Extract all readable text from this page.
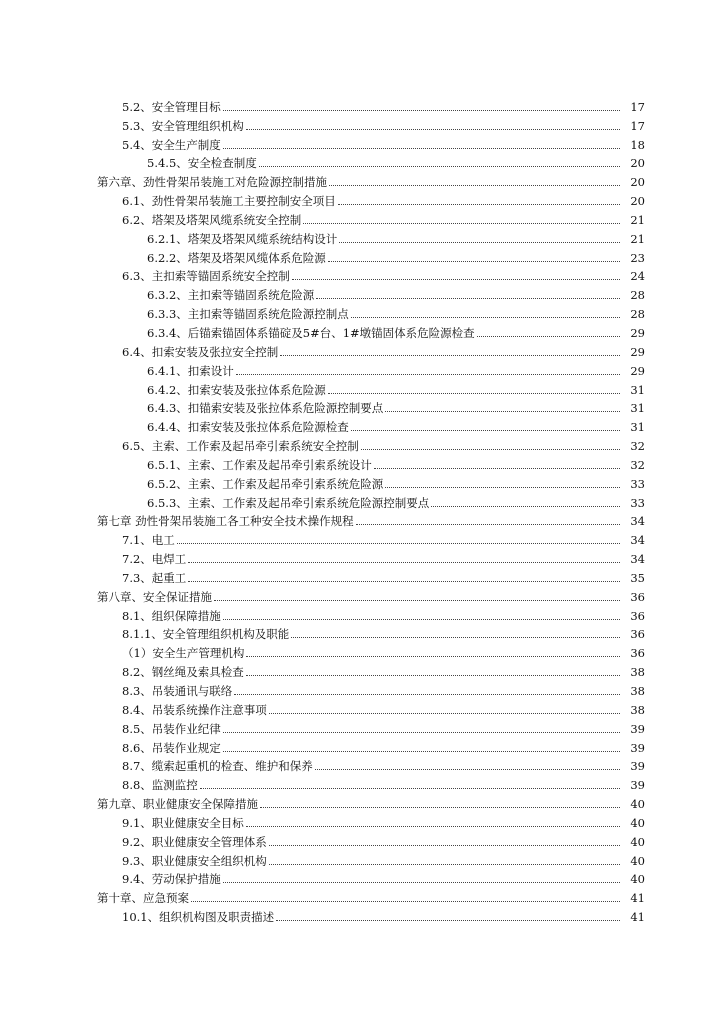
5.2、安全管理目标	17
5.3、安全管理组织机构	17
5.4、安全生产制度	18
5.4.5、安全检查制度	20
第六章、劲性骨架吊装施工对危险源控制措施	20
6.1、劲性骨架吊装施工主要控制安全项目	20
6.2、塔架及塔架风缆系统安全控制	21
6.2.1、塔架及塔架风缆系统结构设计	21
6.2.2、塔架及塔架风缆体系危险源	23
6.3、主扣索等锚固系统安全控制	24
6.3.2、主扣索等锚固系统危险源	28
6.3.3、主扣索等锚固系统危险源控制点	28
6.3.4、后锚索锚固体系锚碇及5#台、1#墩锚固体系危险源检查	29
6.4、扣索安装及张拉安全控制	29
6.4.1、扣索设计	29
6.4.2、扣索安装及张拉体系危险源	31
6.4.3、扣锚索安装及张拉体系危险源控制要点	31
6.4.4、扣索安装及张拉体系危险源检查	31
6.5、主索、工作索及起吊牵引索系统安全控制	32
6.5.1、主索、工作索及起吊牵引索系统设计	32
6.5.2、主索、工作索及起吊牵引索系统危险源	33
6.5.3、主索、工作索及起吊牵引索系统危险源控制要点	33
第七章 劲性骨架吊装施工各工种安全技术操作规程	34
7.1、电工	34
7.2、电焊工	34
7.3、起重工	35
第八章、安全保证措施	36
8.1、组织保障措施	36
8.1.1、安全管理组织机构及职能	36
（1）安全生产管理机构	36
8.2、钢丝绳及索具检查	38
8.3、吊装通讯与联络	38
8.4、吊装系统操作注意事项	38
8.5、吊装作业纪律	39
8.6、吊装作业规定	39
8.7、缆索起重机的检查、维护和保养	39
8.8、监测监控	39
第九章、职业健康安全保障措施	40
9.1、职业健康安全目标	40
9.2、职业健康安全管理体系	40
9.3、职业健康安全组织机构	40
9.4、劳动保护措施	40
第十章、应急预案	41
10.1、组织机构图及职责描述	41
